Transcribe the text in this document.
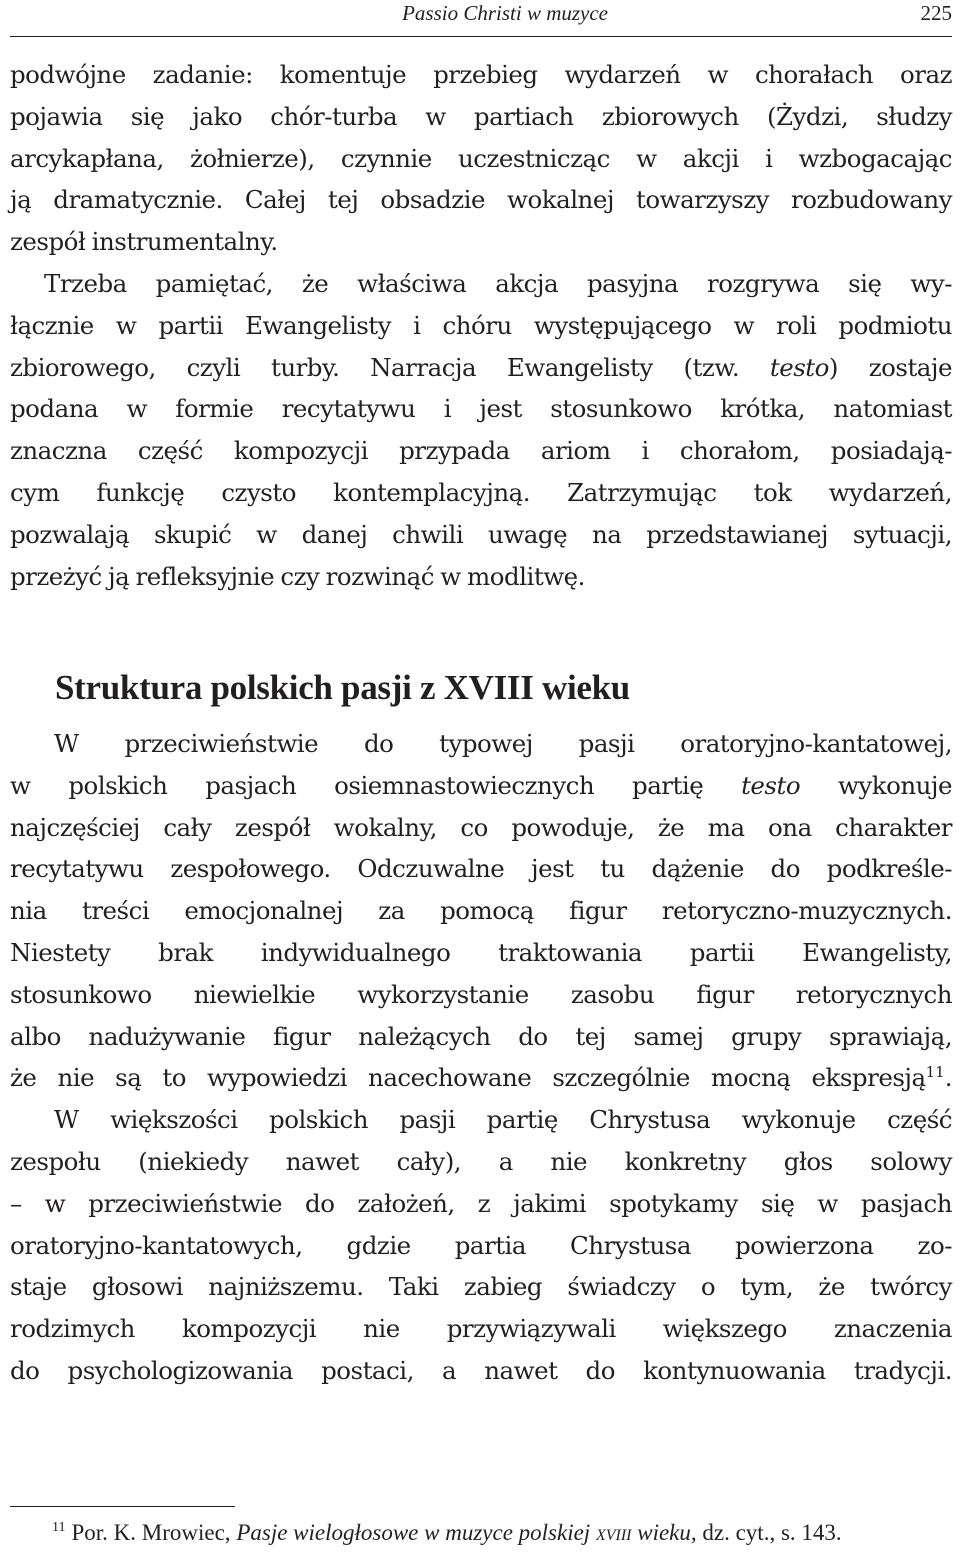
Passio Christi w muzyce	225
podwójne zadanie: komentuje przebieg wydarzeń w chorałach oraz
pojawia się jako chór-turba w partiach zbiorowych (Żydzi, słudzy
arcykapłana, żołnierze), czynnie uczestnicząc w akcji i wzbogacając
ją dramatycznie. Całej tej obsadzie wokalnej towarzyszy rozbudowany
zespół instrumentalny.
Trzeba pamiętać, że właściwa akcja pasyjna rozgrywa się wy-
łącznie w partii Ewangelisty i chóru występującego w roli podmiotu
zbiorowego, czyli turby. Narracja Ewangelisty (tzw. testo) zostaje
podana w formie recytatywu i jest stosunkowo krótka, natomiast
znaczna część kompozycji przypada ariom i chorałom, posiadają-
cym funkcję czysto kontemplacyjną. Zatrzymując tok wydarzeń,
pozwalają skupić w danej chwili uwagę na przedstawianej sytuacji,
przeżyć ją refleksyjnie czy rozwinąć w modlitwę.
Struktura polskich pasji z XVIII wieku
W przeciwieństwie do typowej pasji oratoryjno-kantatowej,
w polskich pasjach osiemnastowiecznych partię testo wykonuje
najczęściej cały zespół wokalny, co powoduje, że ma ona charakter
recytatywu zespołowego. Odczuwalne jest tu dążenie do podkreśle-
nia treści emocjonalnej za pomocą figur retoryczno-muzycznych.
Niestety brak indywidualnego traktowania partii Ewangelisty,
stosunkowo niewielkie wykorzystanie zasobu figur retorycznych
albo nadużywanie figur należących do tej samej grupy sprawiają,
że nie są to wypowiedzi nacechowane szczególnie mocną ekspresją$^{11}$.
W większości polskich pasji partię Chrystusa wykonuje część
zespołu (niekiedy nawet cały), a nie konkretny głos solowy
– w przeciwieństwie do założeń, z jakimi spotykamy się w pasjach
oratoryjno-kantatowych, gdzie partia Chrystusa powierzona zo-
staje głosowi najniższemu. Taki zabieg świadczy o tym, że twórcy
rodzimych kompozycji nie przywiązywali większego znaczenia
do psychologizowania postaci, a nawet do kontynuowania tradycji.
$^{11}$ Por. K. Mrowiec, Pasje wielogłosowe w muzyce polskiej xviii wieku, dz. cyt., s. 143.
